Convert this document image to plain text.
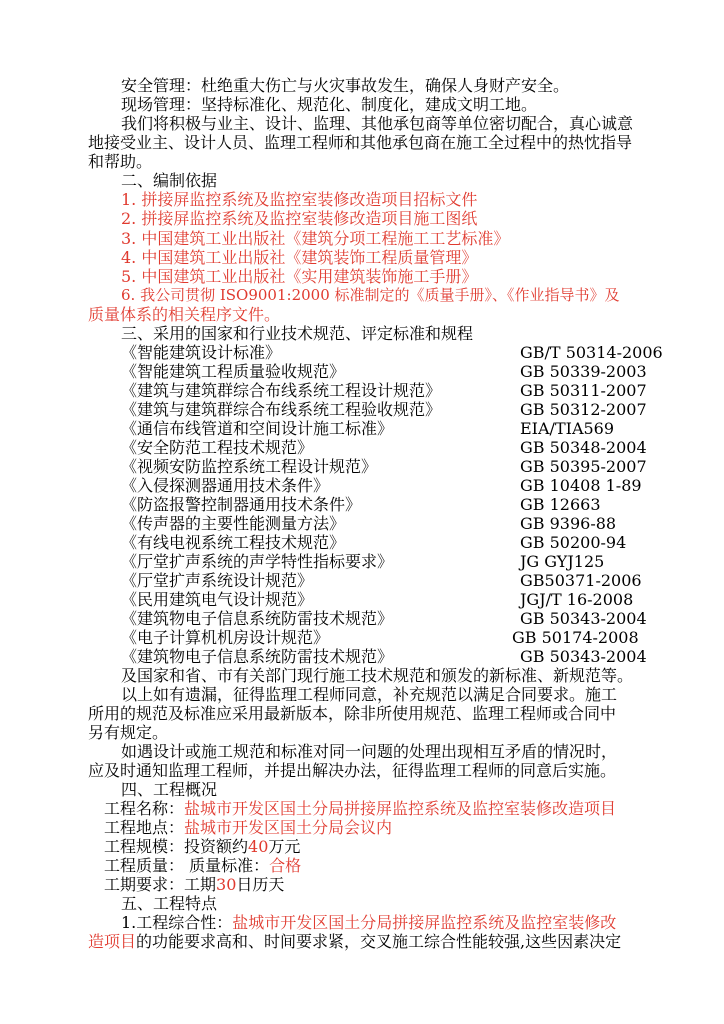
安全管理：杜绝重大伤亡与火灾事故发生，确保人身财产安全。
现场管理：坚持标准化、规范化、制度化，建成文明工地。
我们将积极与业主、设计、监理、其他承包商等单位密切配合，真心诚意
地接受业主、设计人员、监理工程师和其他承包商在施工全过程中的热忱指导
和帮助。
二、编制依据
1. 拼接屏监控系统及监控室装修改造项目招标文件
2. 拼接屏监控系统及监控室装修改造项目施工图纸
3. 中国建筑工业出版社《建筑分项工程施工工艺标准》
4. 中国建筑工业出版社《建筑装饰工程质量管理》
5. 中国建筑工业出版社《实用建筑装饰施工手册》
6. 我公司贯彻 ISO9001:2000 标准制定的《质量手册》、《作业指导书》及
质量体系的相关程序文件。
三、采用的国家和行业技术规范、评定标准和规程
《智能建筑设计标准》	GB/T 50314-2006
《智能建筑工程质量验收规范》	GB 50339-2003
《建筑与建筑群综合布线系统工程设计规范》	GB 50311-2007
《建筑与建筑群综合布线系统工程验收规范》	GB 50312-2007
《通信布线管道和空间设计施工标准》	EIA/TIA569
《安全防范工程技术规范》	GB 50348-2004
《视频安防监控系统工程设计规范》	GB 50395-2007
《入侵探测器通用技术条件》	GB 10408 1-89
《防盗报警控制器通用技术条件》	GB 12663
《传声器的主要性能测量方法》	GB 9396-88
《有线电视系统工程技术规范》	GB 50200-94
《厅堂扩声系统的声学特性指标要求》	JG GYJ125
《厅堂扩声系统设计规范》	GB50371-2006
《民用建筑电气设计规范》	JGJ/T 16-2008
《建筑物电子信息系统防雷技术规范》	GB 50343-2004
《电子计算机机房设计规范》	GB 50174-2008
《建筑物电子信息系统防雷技术规范》	GB 50343-2004
及国家和省、市有关部门现行施工技术规范和颁发的新标准、新规范等。
以上如有遗漏，征得监理工程师同意，补充规范以满足合同要求。施工
所用的规范及标准应采用最新版本，除非所使用规范、监理工程师或合同中
另有规定。
如遇设计或施工规范和标准对同一问题的处理出现相互矛盾的情况时，
应及时通知监理工程师，并提出解决办法，征得监理工程师的同意后实施。
四、工程概况
工程名称：盐城市开发区国土分局拼接屏监控系统及监控室装修改造项目
工程地点：盐城市开发区国土分局会议内
工程规模：投资额约40万元
工程质量： 质量标准：合格
工期要求：工期30日历天
五、工程特点
1.工程综合性：盐城市开发区国土分局拼接屏监控系统及监控室装修改
造项目的功能要求高和、时间要求紧，交叉施工综合性能较强,这些因素决定
